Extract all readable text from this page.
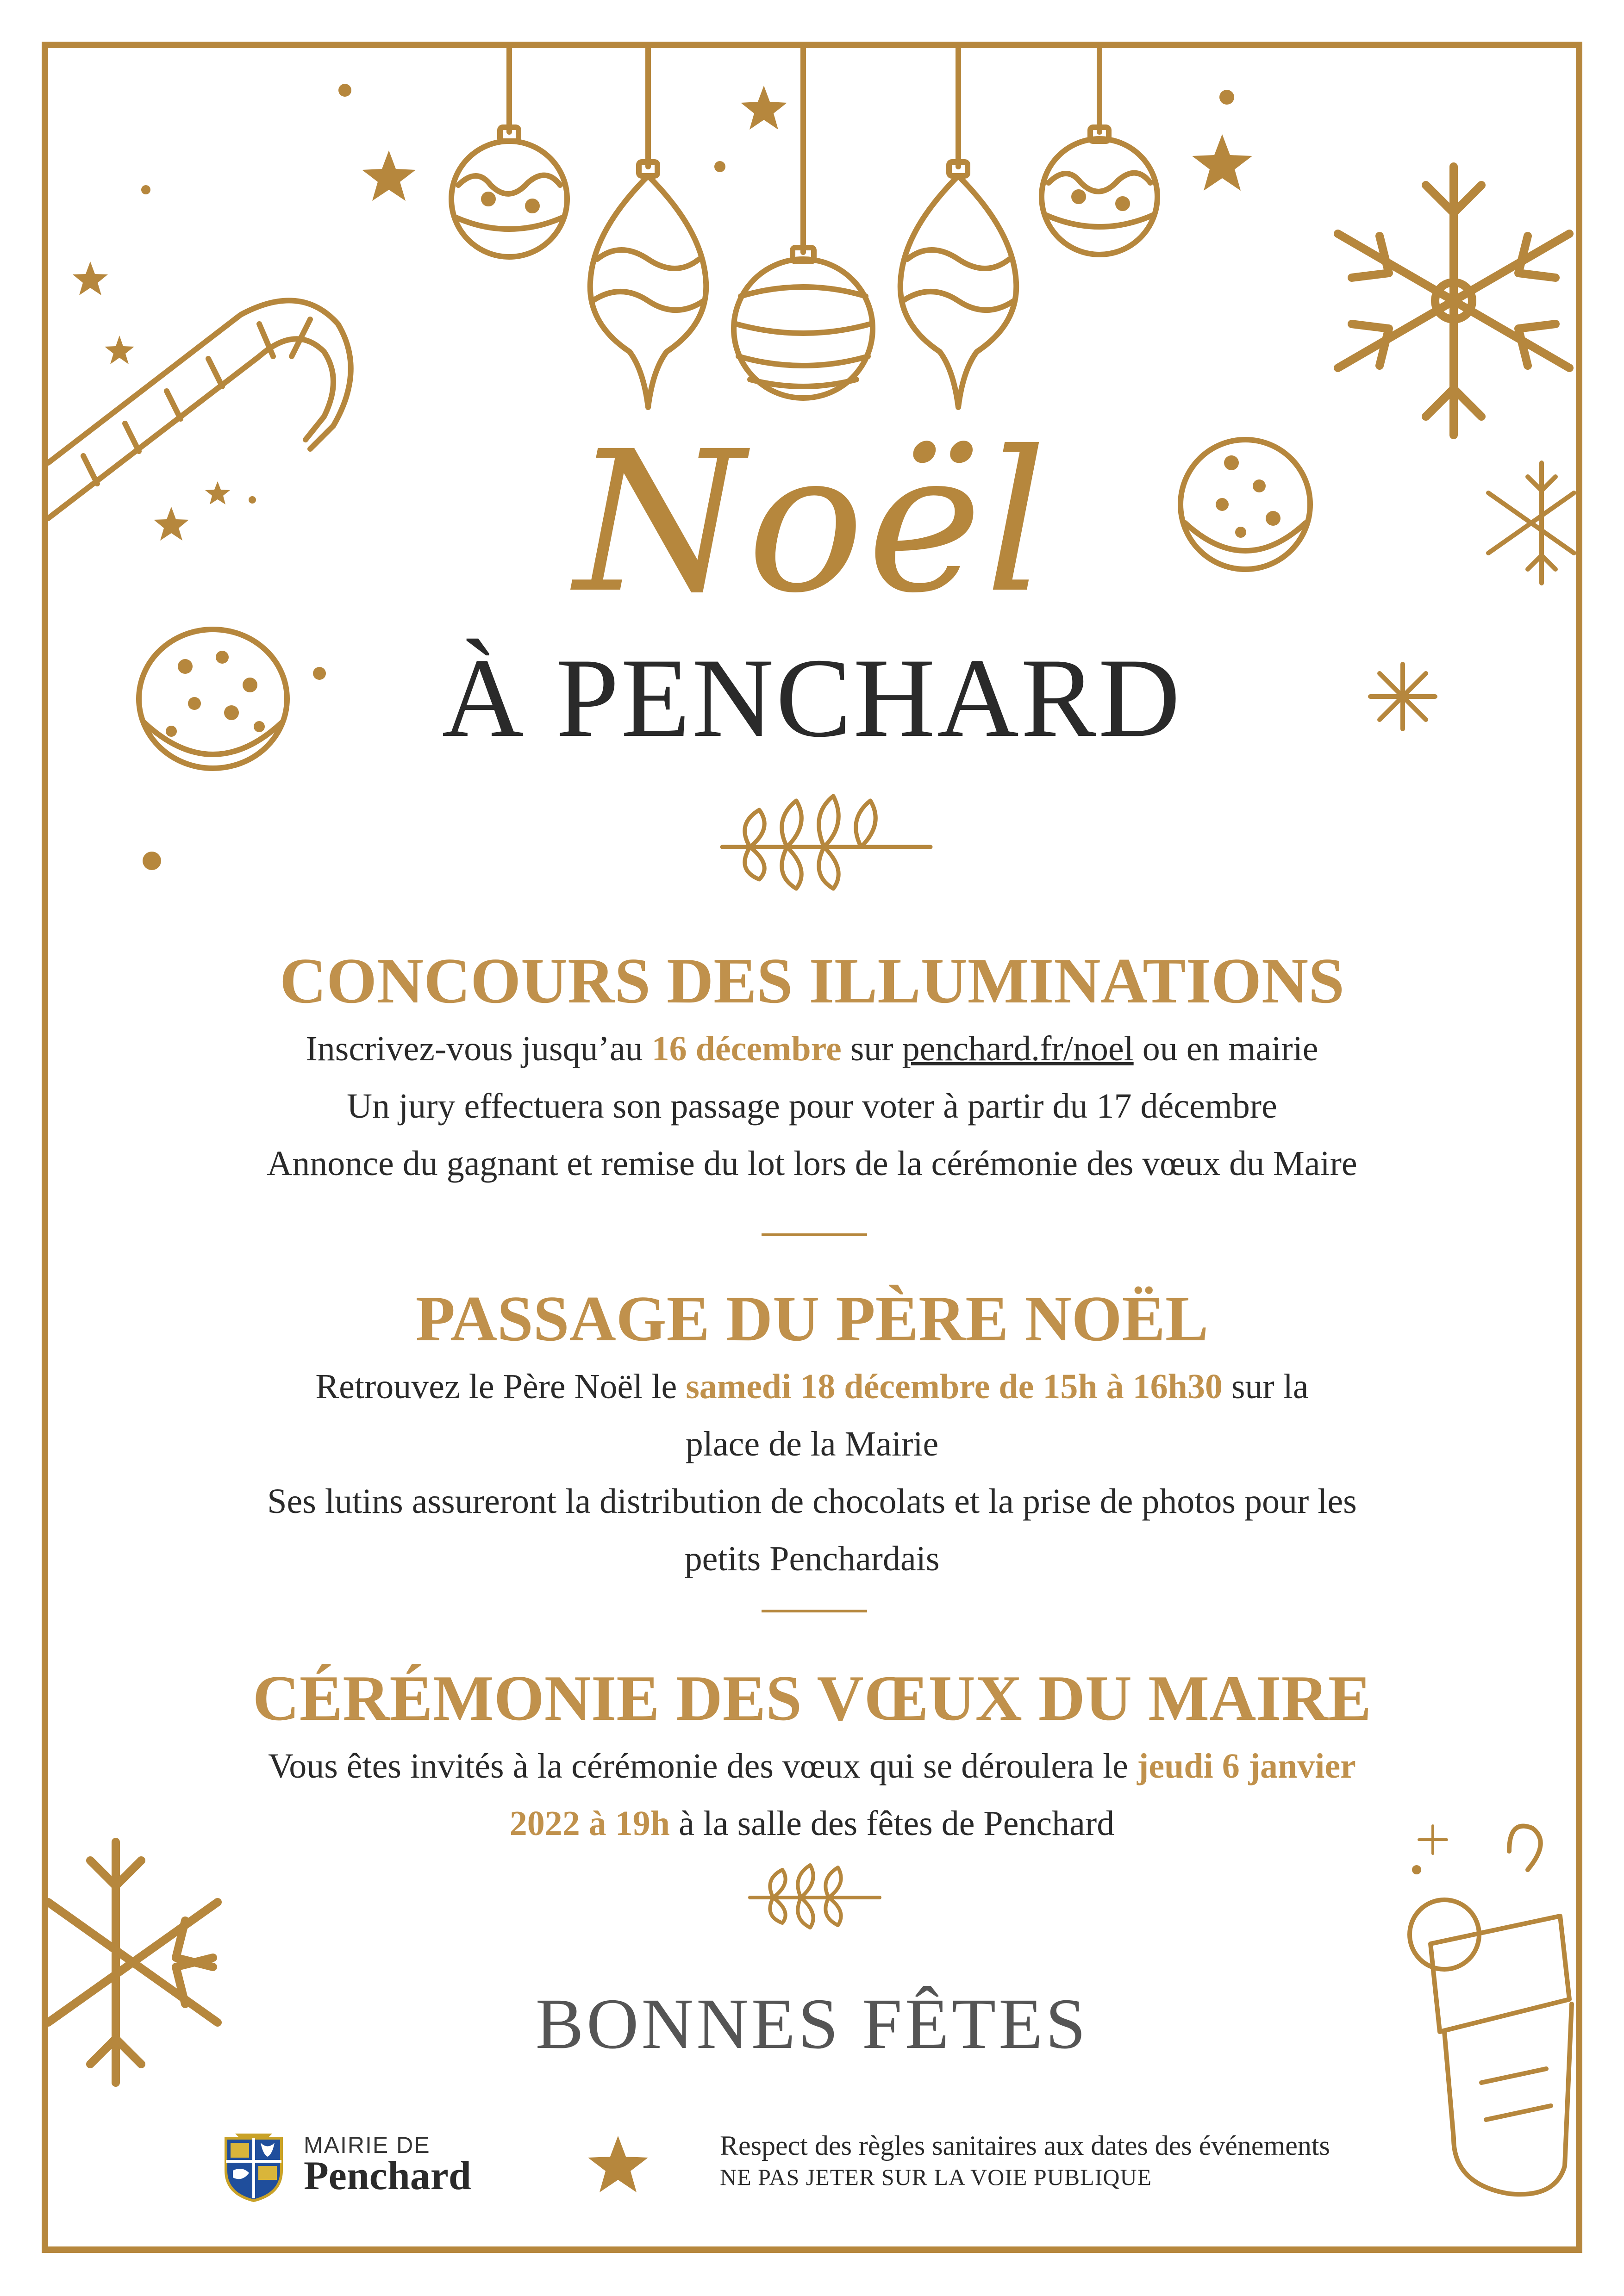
Noël
À PENCHARD
CONCOURS DES ILLUMINATIONS

Inscrivez-vous jusqu’au 16 décembre sur penchard.fr/noel ou en mairie

Un jury effectuera son passage pour voter à partir du 17 décembre

Annonce du gagnant et remise du lot lors de la cérémonie des vœux du Maire

PASSAGE DU PÈRE NOËL

Retrouvez le Père Noël le samedi 18 décembre de 15h à 16h30 sur la

place de la Mairie

Ses lutins assureront la distribution de chocolats et la prise de photos pour les

petits Penchardais

CÉRÉMONIE DES VŒUX DU MAIRE

Vous êtes invités à la cérémonie des vœux qui se déroulera le jeudi 6 janvier

2022 à 19h à la salle des fêtes de Penchard

BONNES FÊTES
MAIRIE DE
Penchard
Respect des règles sanitaires aux dates des événements
NE PAS JETER SUR LA VOIE PUBLIQUE
